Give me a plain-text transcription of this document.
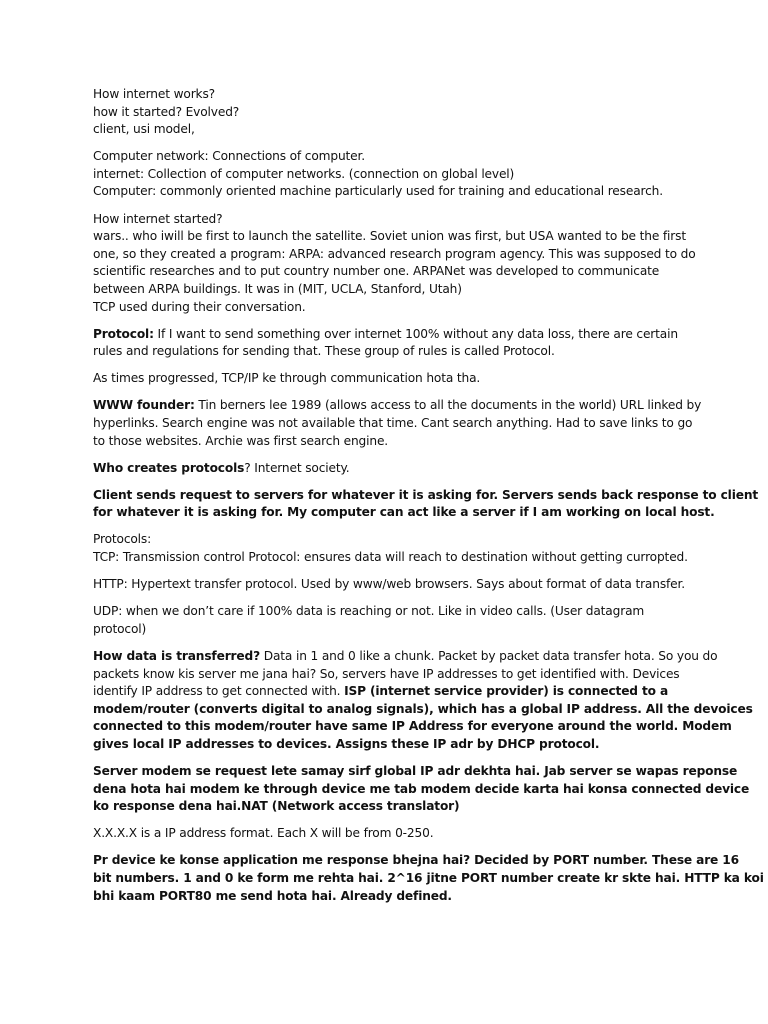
How internet works?
how it started? Evolved?
client, usi model,
Computer network: Connections of computer.
internet: Collection of computer networks. (connection on global level)
Computer: commonly oriented machine particularly used for training and educational research.
How internet started?
wars.. who iwill be first to launch the satellite. Soviet union was first, but USA wanted to be the first
one, so they created a program: ARPA: advanced research program agency. This was supposed to do
scientific researches and to put country number one. ARPANet was developed to communicate
between ARPA buildings. It was in (MIT, UCLA, Stanford, Utah)
TCP used during their conversation.
Protocol: If I want to send something over internet 100% without any data loss, there are certain
rules and regulations for sending that. These group of rules is called Protocol.
As times progressed, TCP/IP ke through communication hota tha.
WWW founder: Tin berners lee 1989 (allows access to all the documents in the world) URL linked by
hyperlinks. Search engine was not available that time. Cant search anything. Had to save links to go
to those websites. Archie was first search engine.
Who creates protocols? Internet society.
Client sends request to servers for whatever it is asking for. Servers sends back response to client
for whatever it is asking for. My computer can act like a server if I am working on local host.
Protocols:
TCP: Transmission control Protocol: ensures data will reach to destination without getting curropted.
HTTP: Hypertext transfer protocol. Used by www/web browsers. Says about format of data transfer.
UDP: when we don’t care if 100% data is reaching or not. Like in video calls. (User datagram
protocol)
How data is transferred? Data in 1 and 0 like a chunk. Packet by packet data transfer hota. So you do
packets know kis server me jana hai? So, servers have IP addresses to get identified with. Devices
identify IP address to get connected with. ISP (internet service provider) is connected to a
modem/router (converts digital to analog signals), which has a global IP address. All the devoices
connected to this modem/router have same IP Address for everyone around the world. Modem
gives local IP addresses to devices. Assigns these IP adr by DHCP protocol.
Server modem se request lete samay sirf global IP adr dekhta hai. Jab server se wapas reponse
dena hota hai modem ke through device me tab modem decide karta hai konsa connected device
ko response dena hai.NAT (Network access translator)
X.X.X.X is a IP address format. Each X will be from 0-250.
Pr device ke konse application me response bhejna hai? Decided by PORT number. These are 16
bit numbers. 1 and 0 ke form me rehta hai. 2^16 jitne PORT number create kr skte hai. HTTP ka koi
bhi kaam PORT80 me send hota hai. Already defined.
